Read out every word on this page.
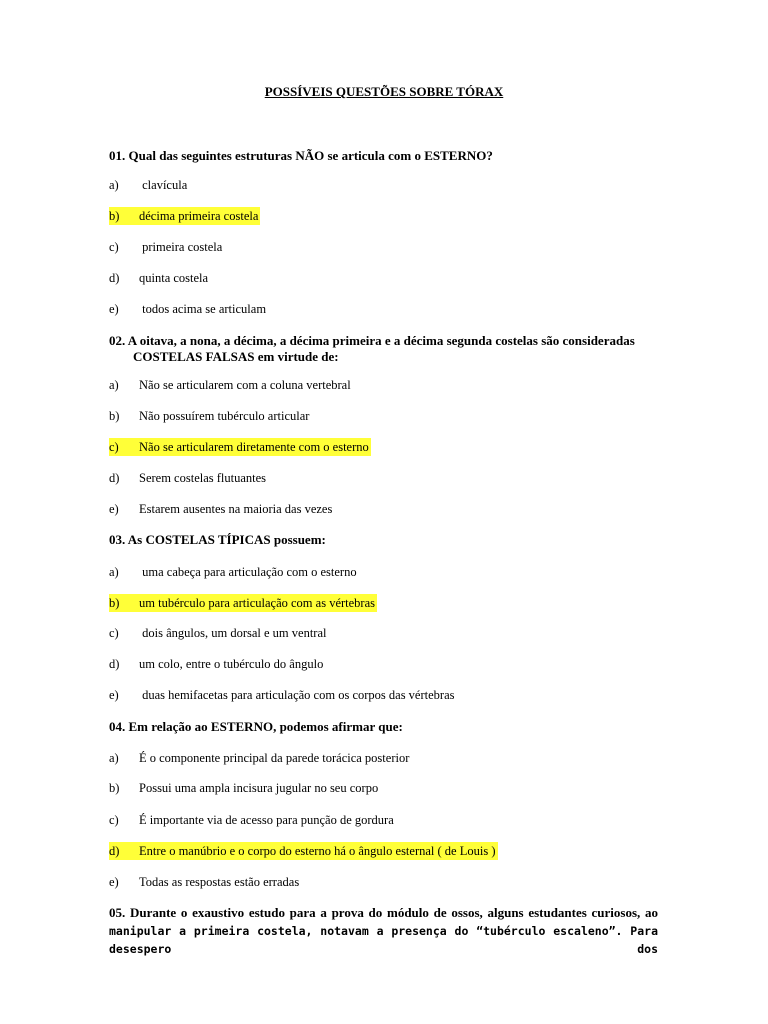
POSSÍVEIS QUESTÕES SOBRE TÓRAX
01. Qual das seguintes estruturas NÃO se articula com o ESTERNO?
a) clavícula
b) décima primeira costela
c) primeira costela
d) quinta costela
e) todos acima se articulam
02. A oitava, a nona, a décima, a décima primeira e a décima segunda costelas são consideradas
COSTELAS FALSAS em virtude de:
a) Não se articularem com a coluna vertebral
b) Não possuírem tubérculo articular
c) Não se articularem diretamente com o esterno
d) Serem costelas flutuantes
e) Estarem ausentes na maioria das vezes
03. As COSTELAS TÍPICAS possuem:
a) uma cabeça para articulação com o esterno
b) um tubérculo para articulação com as vértebras
c) dois ângulos, um dorsal e um ventral
d) um colo, entre o tubérculo do ângulo
e) duas hemifacetas para articulação com os corpos das vértebras
04. Em relação ao ESTERNO, podemos afirmar que:
a) É o componente principal da parede torácica posterior
b) Possui uma ampla incisura jugular no seu corpo
c) É importante via de acesso para punção de gordura
d) Entre o manúbrio e o corpo do esterno há o ângulo esternal ( de Louis )
e) Todas as respostas estão erradas
05. Durante o exaustivo estudo para a prova do módulo de ossos, alguns estudantes curiosos, ao
manipular a primeira costela, notavam a presença do “tubérculo escaleno”. Para desespero dos
